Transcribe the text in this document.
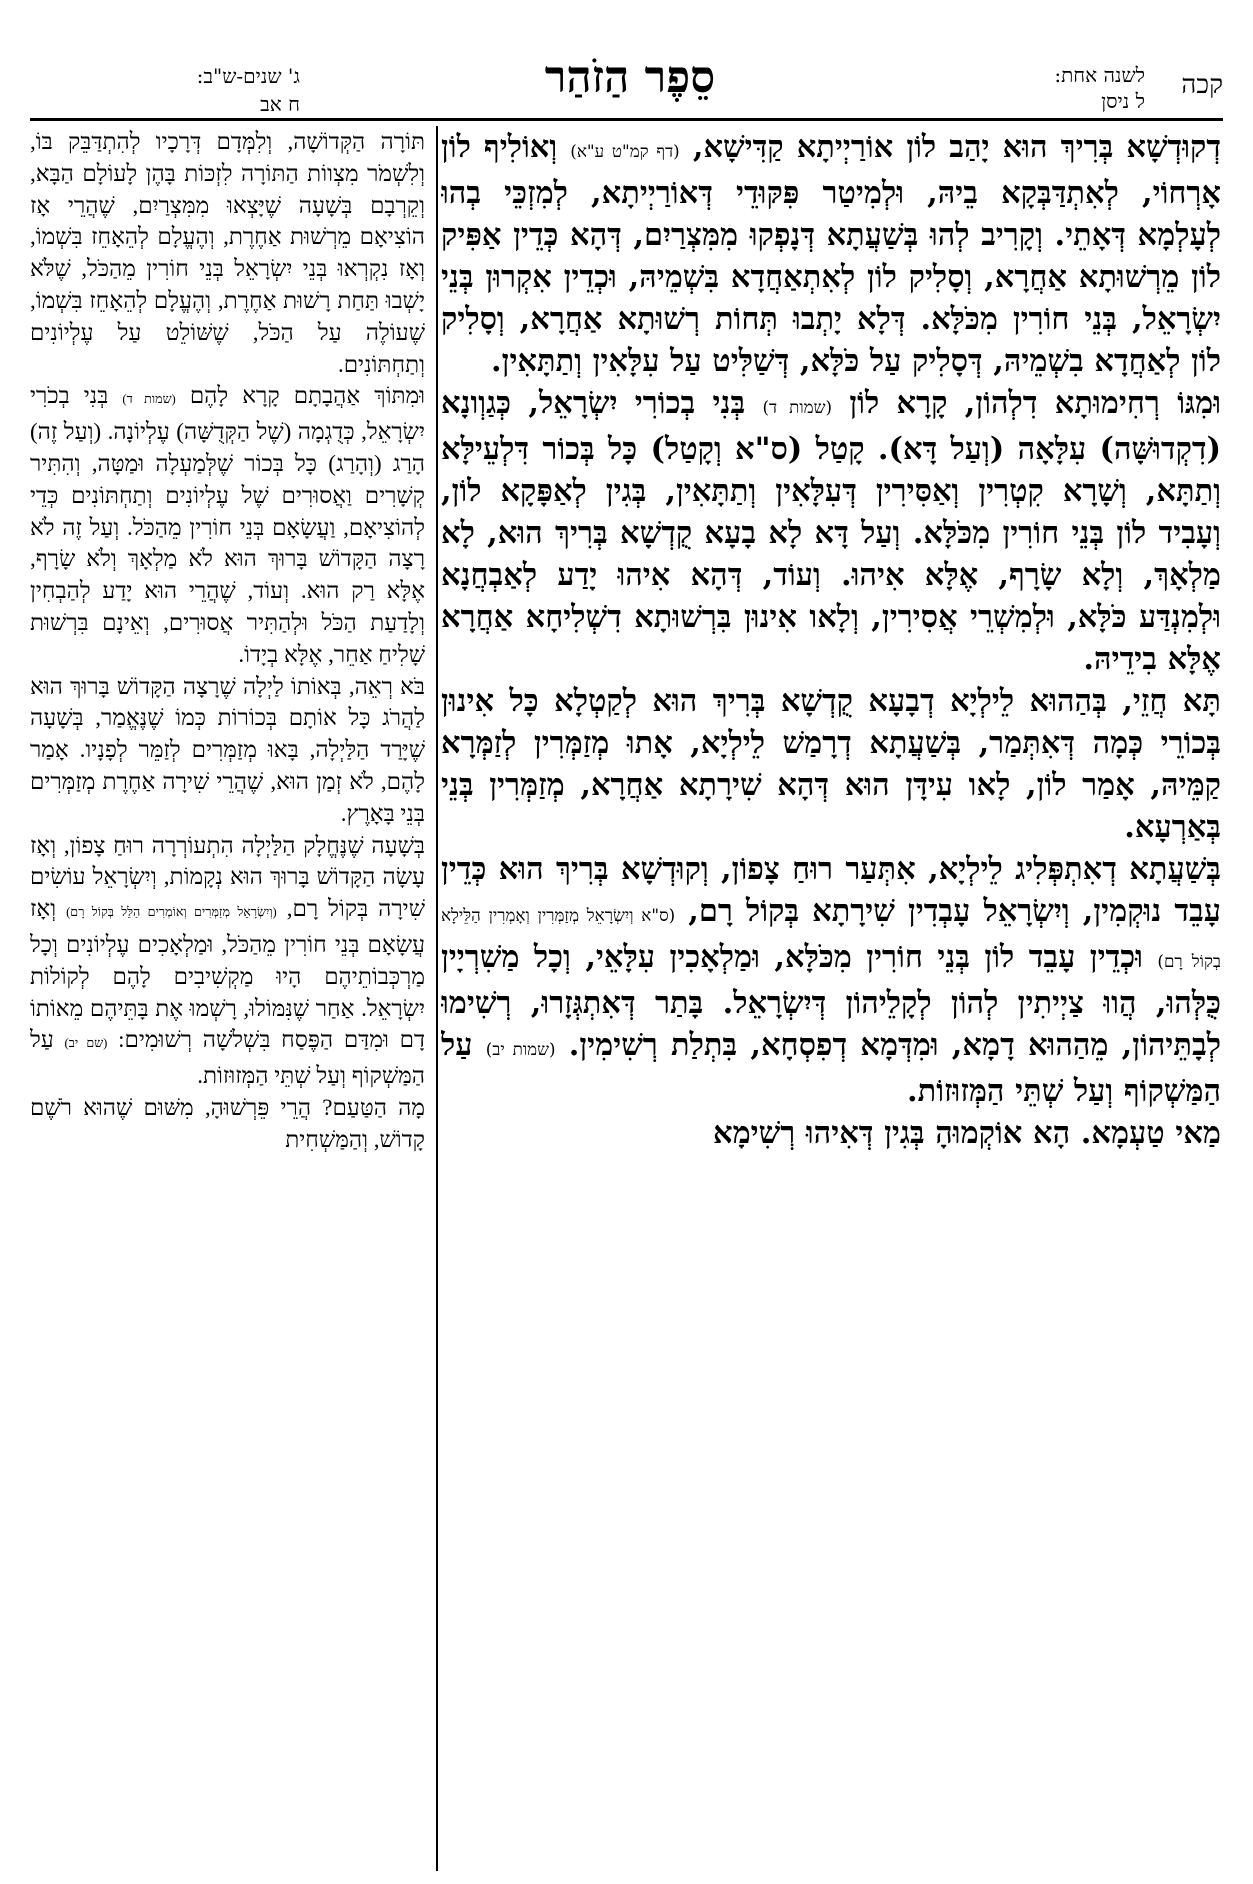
קכה
לשנה אחת:
ל ניסן
סֵפֶר הַזֹהַר
ג' שנים-ש"ב:
ח אב

דְקוּדְשָׁא בְּרִיךְ הוּא יָהַב לוֹן אוֹרַיְיתָא קַדִּישָׁא, (דף קמ"ט ע"א) וְאוֹלִיף לוֹן אָרְחוֹי, לְאִתְדַּבְּקָא בֵיהּ, וּלְמִיטַר פִּקּוּדֵי דְּאוֹרַיְיתָא, לְמִזְכֵּי בְהוּ לְעָלְמָא דְּאָתֵי. וְקָרִיב לְהוּ בְּשַׁעֲתָא דְּנָפְקוּ מִמִּצְרַיִם, דְּהָא כְּדֵין אַפִּיק לוֹן מֵרְשׁוּתָא אַחֲרָא, וְסָלִיק לוֹן לְאִתְאַחֲדָא בִּשְׁמֵיהּ, וּכְדֵין אִקְרוּן בְּנֵי יִשְׂרָאֵל, בְּנֵי חוֹרִין מִכֹּלָּא. דְּלָא יָתְבוּ תְּחוֹת רְשׁוּתָא אַחֲרָא, וְסָלִיק לוֹן לְאַחֲדָא בִשְׁמֵיהּ, דְּסָלִיק עַל כֹּלָּא, דְּשַׁלִּיט עַל עִלָּאִין וְתַתָּאִין.

וּמִגּוֹ רְחִימוּתָא דִלְהוֹן, קָרָא לוֹן (שמות ד) בְּנִי בְכוֹרִי יִשְׂרָאֵל, כְּגַוְונָא (דִקְדוּשָּׁה) עִלָּאָה (וְעַל דָּא). קָטַל (ס"א וְקָטַל) כָּל בְּכוֹר דִּלְעֵילָּא וְתַתָּא, וְשָׁרָא קִטְרִין וְאַסִּירִין דְּעִלָּאִין וְתַתָּאִין, בְּגִין לְאַפָּקָא לוֹן, וְעָבִיד לוֹן בְּנֵי חוֹרִין מִכֹּלָּא. וְעַל דָּא לָא בָעָא קֻדְשָׁא בְּרִיךְ הוּא, לָא מַלְאָךְ, וְלָא שָׂרָף, אֶלָּא אִיהוּ. וְעוֹד, דְּהָא אִיהוּ יָדַע לְאַבְחֲנָא וּלְמִנְדַּע כֹּלָּא, וּלְמִשְׁרֵי אֲסִירִין, וְלָאו אִינוּן בִּרְשׁוּתָא דִשְׁלִיחָא אַחֲרָא אֶלָּא בִידֵיהּ.

תָּא חֲזֵי, בְּהַהוּא לֵילְיָא דְבָעָא קֻדְשָׁא בְּרִיךְ הוּא לְקַטְלָא כָּל אִינוּן בְּכוֹרֵי כְּמָה דְּאִתְּמַר, בְּשַׁעֲתָא דְרָמַשׁ לֵילְיָא, אָתוּ מְזַמְּרִין לְזַמְּרָא קַמֵּיהּ, אָמַר לוֹן, לָאו עִידָּן הוּא דְּהָא שִׁירָתָא אַחֲרָא, מְזַמְּרִין בְּנֵי בְּאַרְעָא.

בְּשַׁעֲתָא דְאִתְפְּלִיג לֵילְיָא, אִתְּעַר רוּחַ צָפוֹן, וְקוּדְשָׁא בְּרִיךְ הוּא כְּדֵין עָבֵד נוּקְמִין, וְיִשְׂרָאֵל עָבְדִין שִׁירָתָא בְּקוֹל רָם, (ס"א וְיִשְׂרָאֵל מְזַמְּרִין וְאָמְרִין הַלֵּילָא בְקוֹל רָם) וּכְדֵין עָבֵד לוֹן בְּנֵי חוֹרִין מִכֹּלָּא, וּמַלְאָכִין עִלָּאֵי, וְכָל מַשִׁרְיָין כֻּלְּהוּ, הֲווּ צַיְיתִין לְהוֹן לְקָלֵיהוֹן דְּיִשְׂרָאֵל. בָּתַר דְּאִתְגְּזָרוּ, רְשִׁימוּ לְבָתֵּיהוֹן, מֵהַהוּא דָמָא, וּמִדְּמָא דְפִסְחָא, בִּתְלַת רְשִׁימִין. (שמות יב) עַל הַמַּשְׁקוֹף וְעַל שְׁתֵּי הַמְּזוּזוֹת.

מַאי טַעְמָא. הָא אוֹקְמוּהָ בְּגִין דְּאִיהוּ רְשִׁימָא

תּוֹרָה הַקְּדוֹשָׁה, וְלִמְּדָם דְּרָכָיו לְהִתְדַּבֵּק בּוֹ, וְלִשְׁמֹר מִצְווֹת הַתּוֹרָה לִזְכּוֹת בָּהֶן לָעוֹלָם הַבָּא, וְקֵרְבָם בְּשָׁעָה שֶׁיָּצְאוּ מִמִּצְרַיִם, שֶׁהֲרֵי אָז הוֹצִיאָם מֵרְשׁוּת אַחֶרֶת, וְהֶעֱלָם לְהֵאָחֵז בִּשְׁמוֹ, וְאָז נִקְרְאוּ בְּנֵי יִשְׂרָאֵל בְּנֵי חוֹרִין מֵהַכֹּל, שֶׁלֹּא יָשְׁבוּ תַּחַת רָשׁוּת אַחֶרֶת, וְהֶעֱלָם לְהֵאָחֵז בִּשְׁמוֹ, שֶׁעוֹלֶה עַל הַכֹּל, שֶׁשּׁוֹלֵט עַל עֶלְיוֹנִים וְתַחְתּוֹנִים.

וּמִתּוֹךְ אַהֲבָתָם קָרָא לָהֶם (שמות ד) בְּנִי בְכֹרִי יִשְׂרָאֵל, כְּדֻגְמָה (שֶׁל הַקְּדֻשָּׁה) עֶלְיוֹנָה. (וְעַל זֶה) הָרַג (וְהָרַג) כָּל בְּכוֹר שֶׁלְּמַעְלָה וּמַטָּה, וְהִתִּיר קְשָׁרִים וַאֲסוּרִים שֶׁל עֶלְיוֹנִים וְתַחְתּוֹנִים כְּדֵי לְהוֹצִיאָם, וַעֲשָׂאָם בְּנֵי חוֹרִין מֵהַכֹּל. וְעַל זֶה לֹא רָצָה הַקָּדוֹשׁ בָּרוּךְ הוּא לֹא מַלְאָךְ וְלֹא שָׂרָף, אֶלָּא רַק הוּא. וְעוֹד, שֶׁהֲרֵי הוּא יָדַע לְהַבְחִין וְלָדַעַת הַכֹּל וּלְהַתִּיר אֲסוּרִים, וְאֵינָם בִּרְשׁוּת שָׁלִיחַ אַחֵר, אֶלָּא בְיָדוֹ.

בֹּא רְאֵה, בְּאוֹתוֹ לַיְלָה שֶׁרָצָה הַקָּדוֹשׁ בָּרוּךְ הוּא לַהֲרֹג כָּל אוֹתָם בְּכוֹרוֹת כְּמוֹ שֶׁנֶּאֱמַר, בְּשָׁעָה שֶׁיָּרַד הַלַּיְלָה, בָּאוּ מְזַמְּרִים לְזַמֵּר לְפָנָיו. אָמַר לָהֶם, לֹא זְמַן הוּא, שֶׁהֲרֵי שִׁירָה אַחֶרֶת מְזַמְּרִים בְּנֵי בָּאָרֶץ.

בְּשָׁעָה שֶׁנֶּחֱלָק הַלַּיְלָה הִתְעוֹרְרָה רוּחַ צָפוֹן, וְאָז עָשָׂה הַקָּדוֹשׁ בָּרוּךְ הוּא נְקָמוֹת, וְיִשְׂרָאֵל עוֹשִׂים שִׁירָה בְּקוֹל רָם, (וְיִשְׂרָאֵל מְזַמְּרִים וְאוֹמְרִים הַלֵּל בְּקוֹל רָם) וְאָז עֲשָׂאָם בְּנֵי חוֹרִין מֵהַכֹּל, וּמַלְאָכִים עֶלְיוֹנִים וְכָל מַרְכְּבוֹתֵיהֶם הָיוּ מַקְשִׁיבִים לָהֶם לְקוֹלוֹת יִשְׂרָאֵל. אַחַר שֶׁנִּמּוֹלוּ, רָשְׁמוּ אֶת בָּתֵּיהֶם מֵאוֹתוֹ דָם וּמִדַּם הַפֶּסַח בִּשְׁלֹשָׁה רְשׁוּמִים: (שם יב) עַל הַמַּשְׁקוֹף וְעַל שְׁתֵּי הַמְּזוּזוֹת.

מָה הַטַּעַם? הֲרֵי פֵּרְשׁוּהָ, מִשּׁוּם שֶׁהוּא רֹשֶׁם קָדוֹשׁ, וְהַמַּשְׁחִית
